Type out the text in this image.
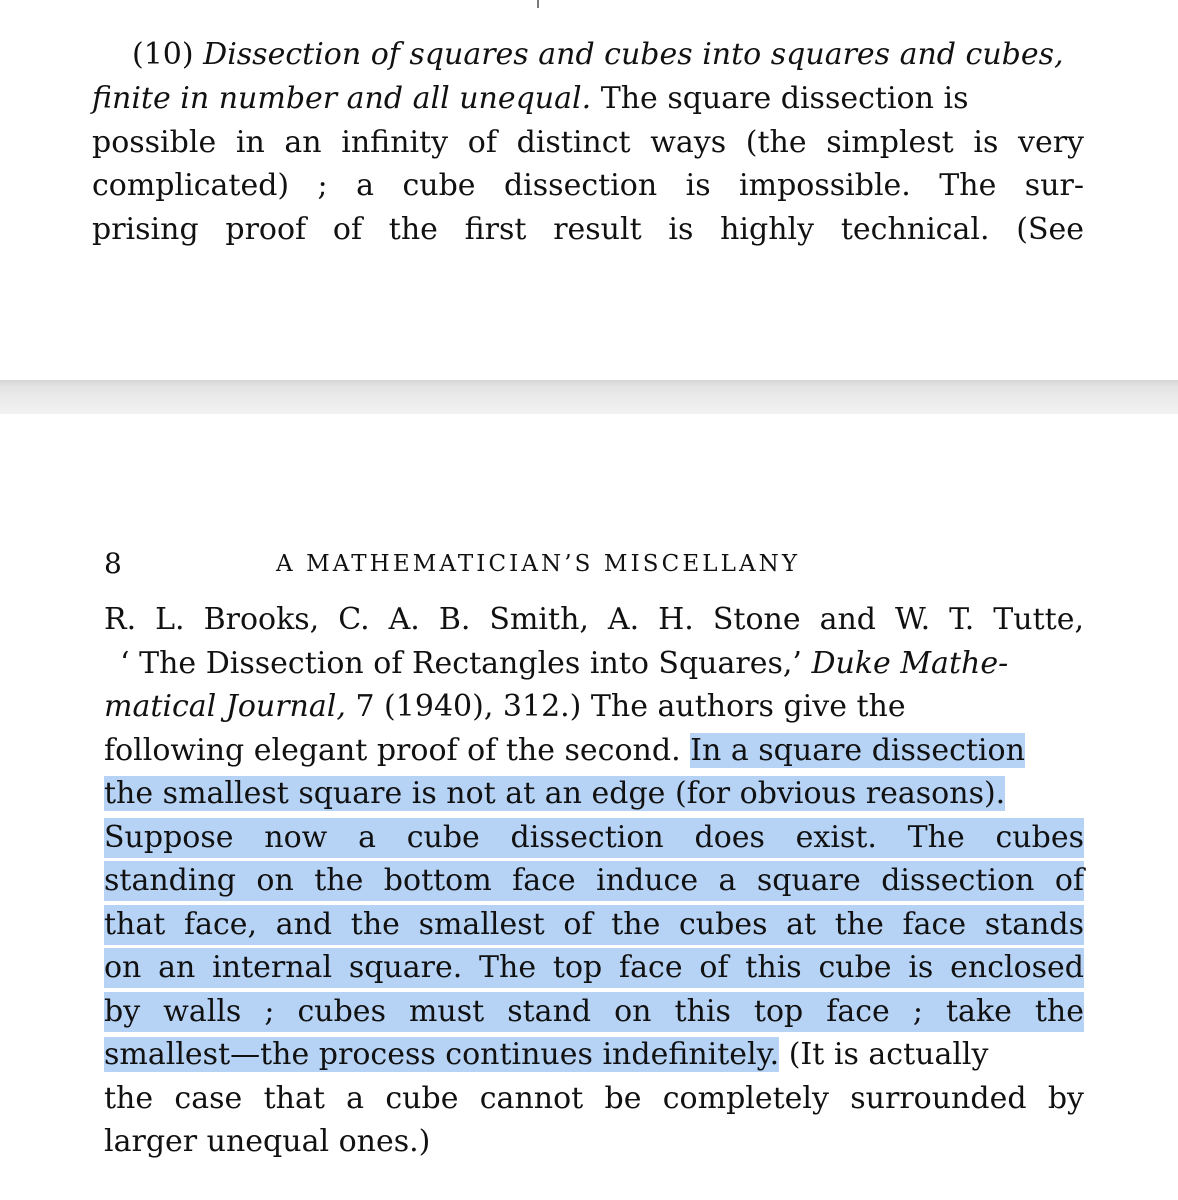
(10) Dissection of squares and cubes into squares and cubes,
finite in number and all unequal. The square dissection is
possible in an infinity of distinct ways (the simplest is very
complicated) ; a cube dissection is impossible. The sur-
prising proof of the first result is highly technical. (See
8	A MATHEMATICIAN’S MISCELLANY
R. L. Brooks, C. A. B. Smith, A. H. Stone and W. T. Tutte,
‘ The Dissection of Rectangles into Squares,’ Duke Mathe-
matical Journal, 7 (1940), 312.) The authors give the
following elegant proof of the second. In a square dissection
the smallest square is not at an edge (for obvious reasons).
Suppose now a cube dissection does exist. The cubes
standing on the bottom face induce a square dissection of
that face, and the smallest of the cubes at the face stands
on an internal square. The top face of this cube is enclosed
by walls ; cubes must stand on this top face ; take the
smallest—the process continues indefinitely. (It is actually
the case that a cube cannot be completely surrounded by
larger unequal ones.)
